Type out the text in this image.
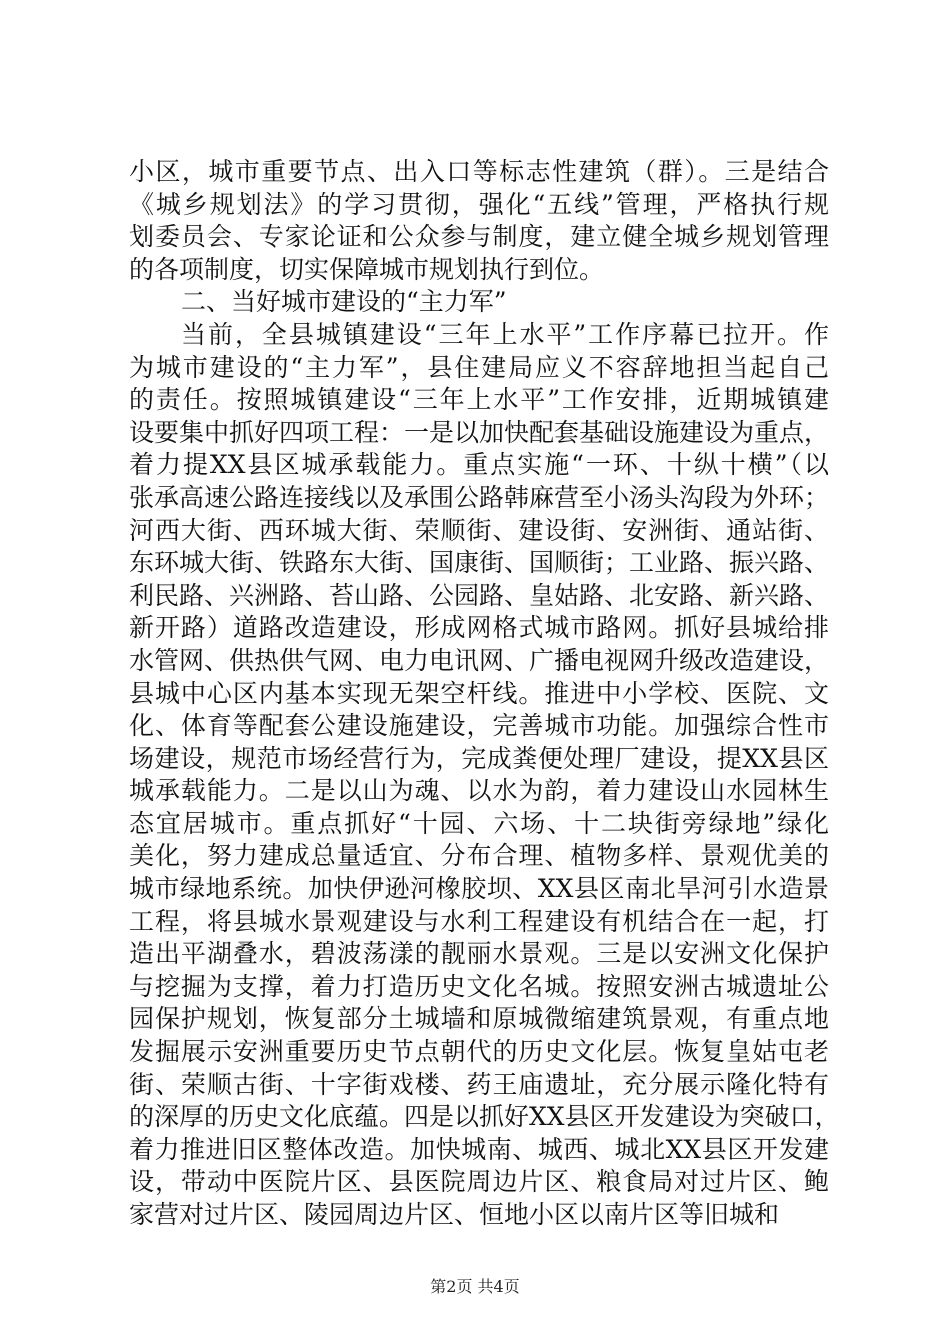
小区，城市重要节点、出入口等标志性建筑（群）。三是结合
《城乡规划法》的学习贯彻，强化“五线”管理，严格执行规
划委员会、专家论证和公众参与制度，建立健全城乡规划管理
的各项制度，切实保障城市规划执行到位。
二、当好城市建设的“主力军”
当前，全县城镇建设“三年上水平”工作序幕已拉开。作
为城市建设的“主力军”，县住建局应义不容辞地担当起自己
的责任。按照城镇建设“三年上水平”工作安排，近期城镇建
设要集中抓好四项工程：一是以加快配套基础设施建设为重点，
着力提XX县区城承载能力。重点实施“一环、十纵十横”（以
张承高速公路连接线以及承围公路韩麻营至小汤头沟段为外环；
河西大街、西环城大街、荣顺街、建设街、安洲街、通站街、
东环城大街、铁路东大街、国康街、国顺街；工业路、振兴路、
利民路、兴洲路、苔山路、公园路、皇姑路、北安路、新兴路、
新开路）道路改造建设，形成网格式城市路网。抓好县城给排
水管网、供热供气网、电力电讯网、广播电视网升级改造建设，
县城中心区内基本实现无架空杆线。推进中小学校、医院、文
化、体育等配套公建设施建设，完善城市功能。加强综合性市
场建设，规范市场经营行为，完成粪便处理厂建设，提XX县区
城承载能力。二是以山为魂、以水为韵，着力建设山水园林生
态宜居城市。重点抓好“十园、六场、十二块街旁绿地”绿化
美化，努力建成总量适宜、分布合理、植物多样、景观优美的
城市绿地系统。加快伊逊河橡胶坝、XX县区南北旱河引水造景
工程，将县城水景观建设与水利工程建设有机结合在一起，打
造出平湖叠水，碧波荡漾的靓丽水景观。三是以安洲文化保护
与挖掘为支撑，着力打造历史文化名城。按照安洲古城遗址公
园保护规划，恢复部分土城墙和原城微缩建筑景观，有重点地
发掘展示安洲重要历史节点朝代的历史文化层。恢复皇姑屯老
街、荣顺古街、十字街戏楼、药王庙遗址，充分展示隆化特有
的深厚的历史文化底蕴。四是以抓好XX县区开发建设为突破口，
着力推进旧区整体改造。加快城南、城西、城北XX县区开发建
设，带动中医院片区、县医院周边片区、粮食局对过片区、鲍
家营对过片区、陵园周边片区、恒地小区以南片区等旧城和
第2页 共4页
